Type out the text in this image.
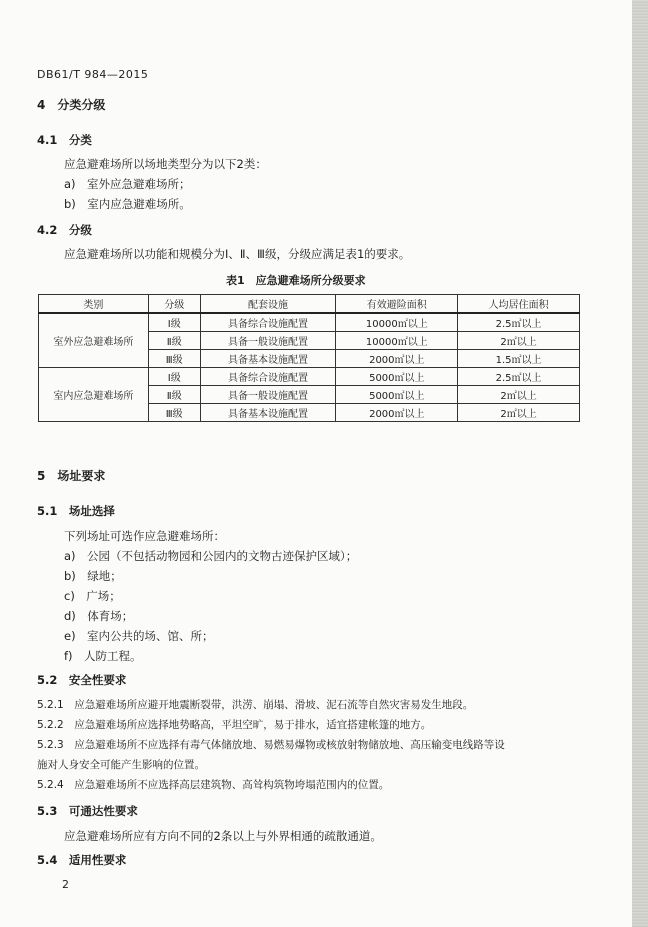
DB61/T 984—2015
4　分类分级
4.1　分类
应急避难场所以场地类型分为以下2类：
a)　室外应急避难场所；
b)　室内应急避难场所。
4.2　分级
应急避难场所以功能和规模分为Ⅰ、Ⅱ、Ⅲ级，分级应满足表1的要求。
表1　应急避难场所分级要求
类别	分级	配套设施	有效避险面积	人均居住面积
室外应急避难场所	Ⅰ级	具备综合设施配置	10000㎡以上	2.5㎡以上
	Ⅱ级	具备一般设施配置	10000㎡以上	2㎡以上
	Ⅲ级	具备基本设施配置	2000㎡以上	1.5㎡以上
室内应急避难场所	Ⅰ级	具备综合设施配置	5000㎡以上	2.5㎡以上
	Ⅱ级	具备一般设施配置	5000㎡以上	2㎡以上
	Ⅲ级	具备基本设施配置	2000㎡以上	2㎡以上
5　场址要求
5.1　场址选择
下列场址可选作应急避难场所：
a)　公园（不包括动物园和公园内的文物古迹保护区域）；
b)　绿地；
c)　广场；
d)　体育场；
e)　室内公共的场、馆、所；
f)　人防工程。
5.2　安全性要求
5.2.1　应急避难场所应避开地震断裂带，洪涝、崩塌、滑坡、泥石流等自然灾害易发生地段。
5.2.2　应急避难场所应选择地势略高，平坦空旷，易于排水，适宜搭建帐篷的地方。
5.2.3　应急避难场所不应选择有毒气体储放地、易燃易爆物或核放射物储放地、高压输变电线路等设
施对人身安全可能产生影响的位置。
5.2.4　应急避难场所不应选择高层建筑物、高耸构筑物垮塌范围内的位置。
5.3　可通达性要求
应急避难场所应有方向不同的2条以上与外界相通的疏散通道。
5.4　适用性要求
2
